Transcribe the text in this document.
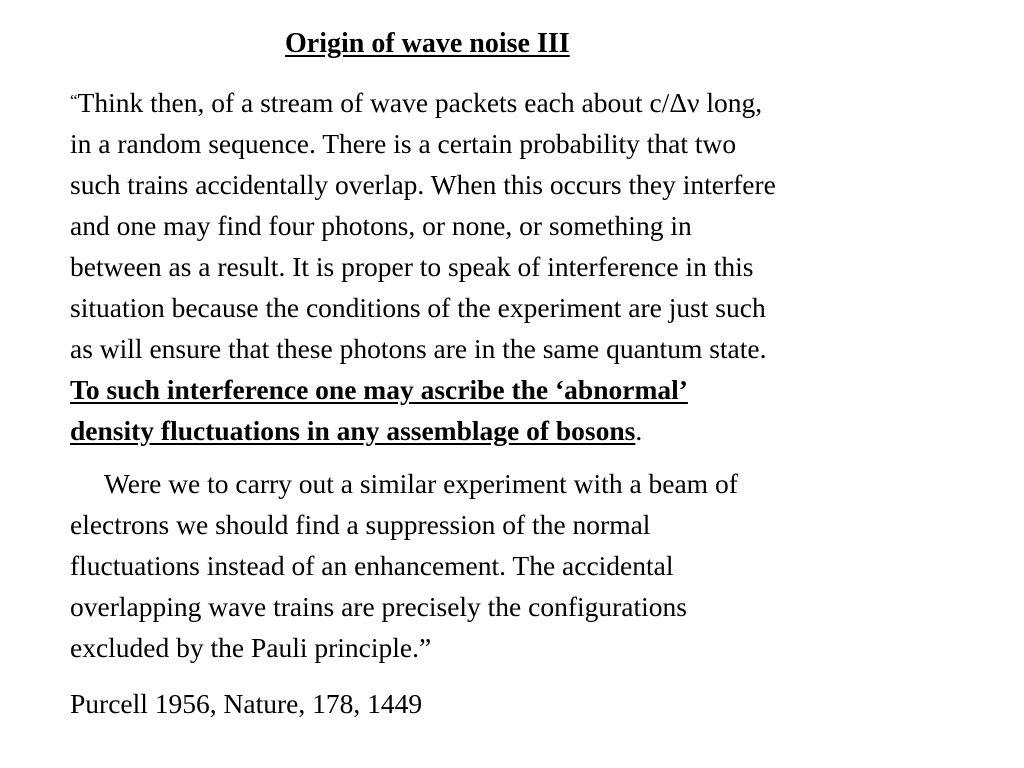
Origin of wave noise III
“Think then, of a stream of wave packets each about c/Δν long,
in a random sequence. There is a certain probability that two
such trains accidentally overlap. When this occurs they interfere
and one may find four photons, or none, or something in
between as a result. It is proper to speak of interference in this
situation because the conditions of the experiment are just such
as will ensure that these photons are in the same quantum state.
To such interference one may ascribe the ‘abnormal’
density fluctuations in any assemblage of bosons.
Were we to carry out a similar experiment with a beam of
electrons we should find a suppression of the normal
fluctuations instead of an enhancement. The accidental
overlapping wave trains are precisely the configurations
excluded by the Pauli principle.”
Purcell 1956, Nature, 178, 1449
